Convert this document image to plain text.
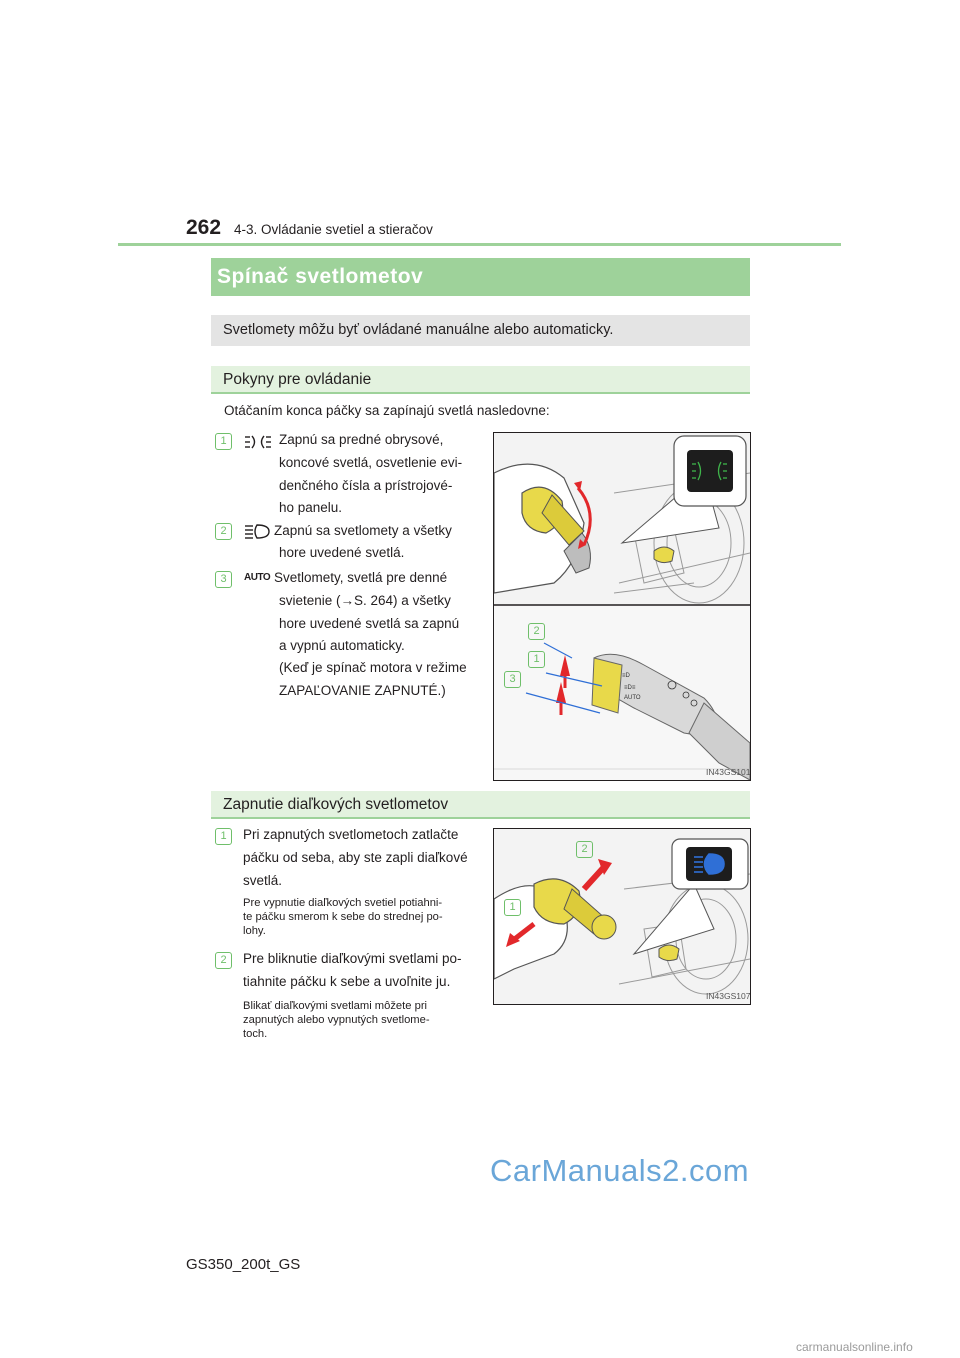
262 4-3. Ovládanie svetiel a stieračov
Spínač svetlometov
Svetlomety môžu byť ovládané manuálne alebo automaticky.
Pokyny pre ovládanie
Otáčaním konca páčky sa zapínajú svetlá nasledovne:
1	Zapnú sa predné obrysové,
koncové svetlá, osvetlenie evi-
denčného čísla a prístrojové-
ho panelu.
2	Zapnú sa svetlomety a všetky
hore uvedené svetlá.
3	AUTO Svetlomety, svetlá pre denné
svietenie (→S. 264) a všetky
hore uvedené svetlá sa zapnú
a vypnú automaticky.
(Keď je spínač motora v režime
ZAPAĽOVANIE ZAPNUTÉ.)
≡D
≡D≡
AUTO
2
1
3
IN43GS101
Zapnutie diaľkových svetlometov
1	Pri zapnutých svetlometoch zatlačte
páčku od seba, aby ste zapli diaľkové
svetlá.
Pre vypnutie diaľkových svetiel potiahni-
te páčku smerom k sebe do strednej po-
lohy.
2	Pre bliknutie diaľkovými svetlami po-
tiahnite páčku k sebe a uvoľnite ju.
Blikať diaľkovými svetlami môžete pri
zapnutých alebo vypnutých svetlome-
toch.
2
1
IN43GS107
CarManuals2.com
GS350_200t_GS
carmanualsonline.info
